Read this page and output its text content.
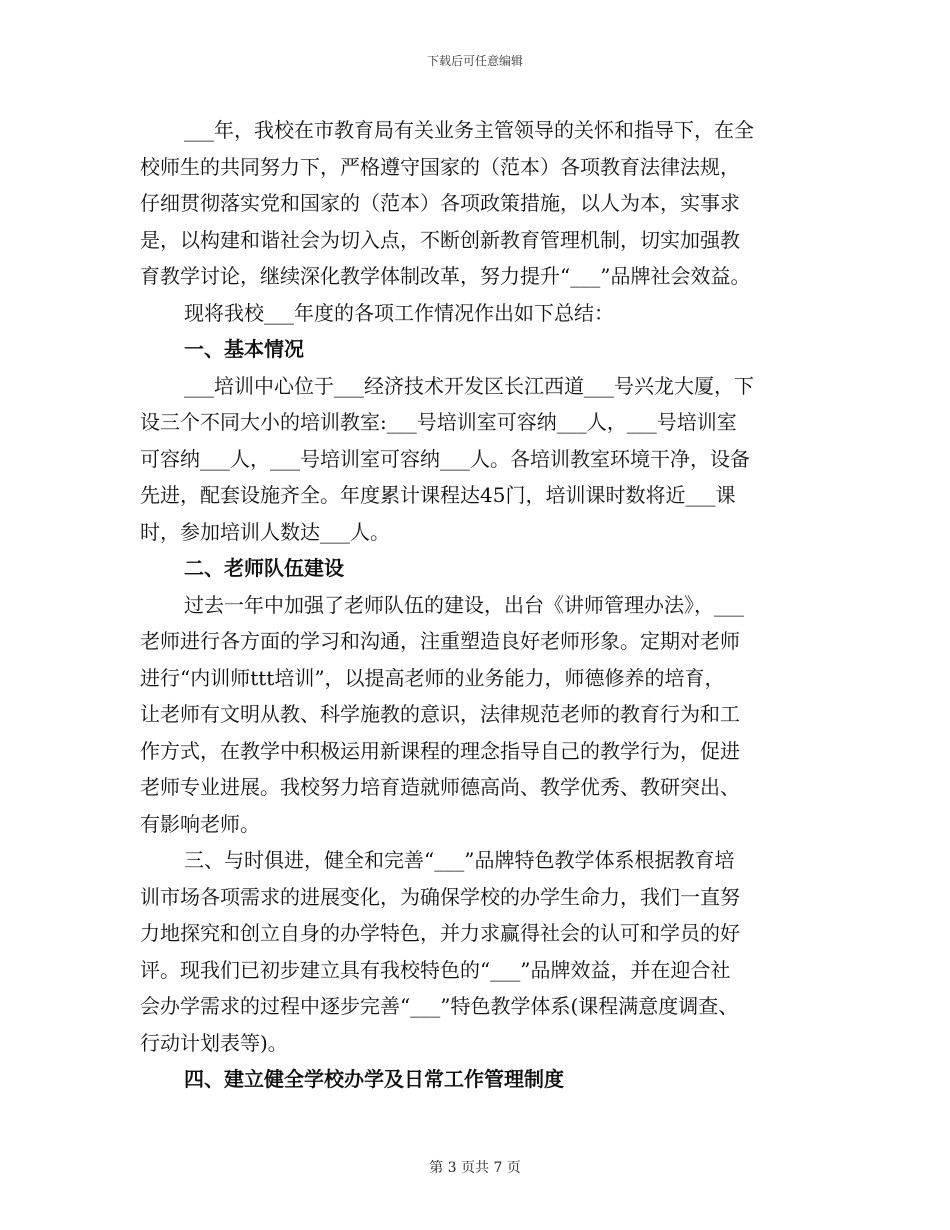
下载后可任意编辑
___年，我校在市教育局有关业务主管领导的关怀和指导下，在全
校师生的共同努力下，严格遵守国家的（范本）各项教育法律法规，
仔细贯彻落实党和国家的（范本）各项政策措施，以人为本，实事求
是，以构建和谐社会为切入点，不断创新教育管理机制，切实加强教
育教学讨论，继续深化教学体制改革，努力提升“___”品牌社会效益。
现将我校___年度的各项工作情况作出如下总结：
一、基本情况
___培训中心位于___经济技术开发区长江西道___号兴龙大厦，下
设三个不同大小的培训教室:___号培训室可容纳___人，___号培训室
可容纳___人，___号培训室可容纳___人。各培训教室环境干净，设备
先进，配套设施齐全。年度累计课程达45门，培训课时数将近___课
时，参加培训人数达___人。
二、老师队伍建设
过去一年中加强了老师队伍的建设，出台《讲师管理办法》，___
老师进行各方面的学习和沟通，注重塑造良好老师形象。定期对老师
进行“内训师ttt培训”，以提高老师的业务能力，师德修养的培育，
让老师有文明从教、科学施教的意识，法律规范老师的教育行为和工
作方式，在教学中积极运用新课程的理念指导自己的教学行为，促进
老师专业进展。我校努力培育造就师德高尚、教学优秀、教研突出、
有影响老师。
三、与时俱进，健全和完善“___”品牌特色教学体系根据教育培
训市场各项需求的进展变化，为确保学校的办学生命力，我们一直努
力地探究和创立自身的办学特色，并力求赢得社会的认可和学员的好
评。现我们已初步建立具有我校特色的“___”品牌效益，并在迎合社
会办学需求的过程中逐步完善“___”特色教学体系(课程满意度调查、
行动计划表等)。
四、建立健全学校办学及日常工作管理制度
第 3 页共 7 页
